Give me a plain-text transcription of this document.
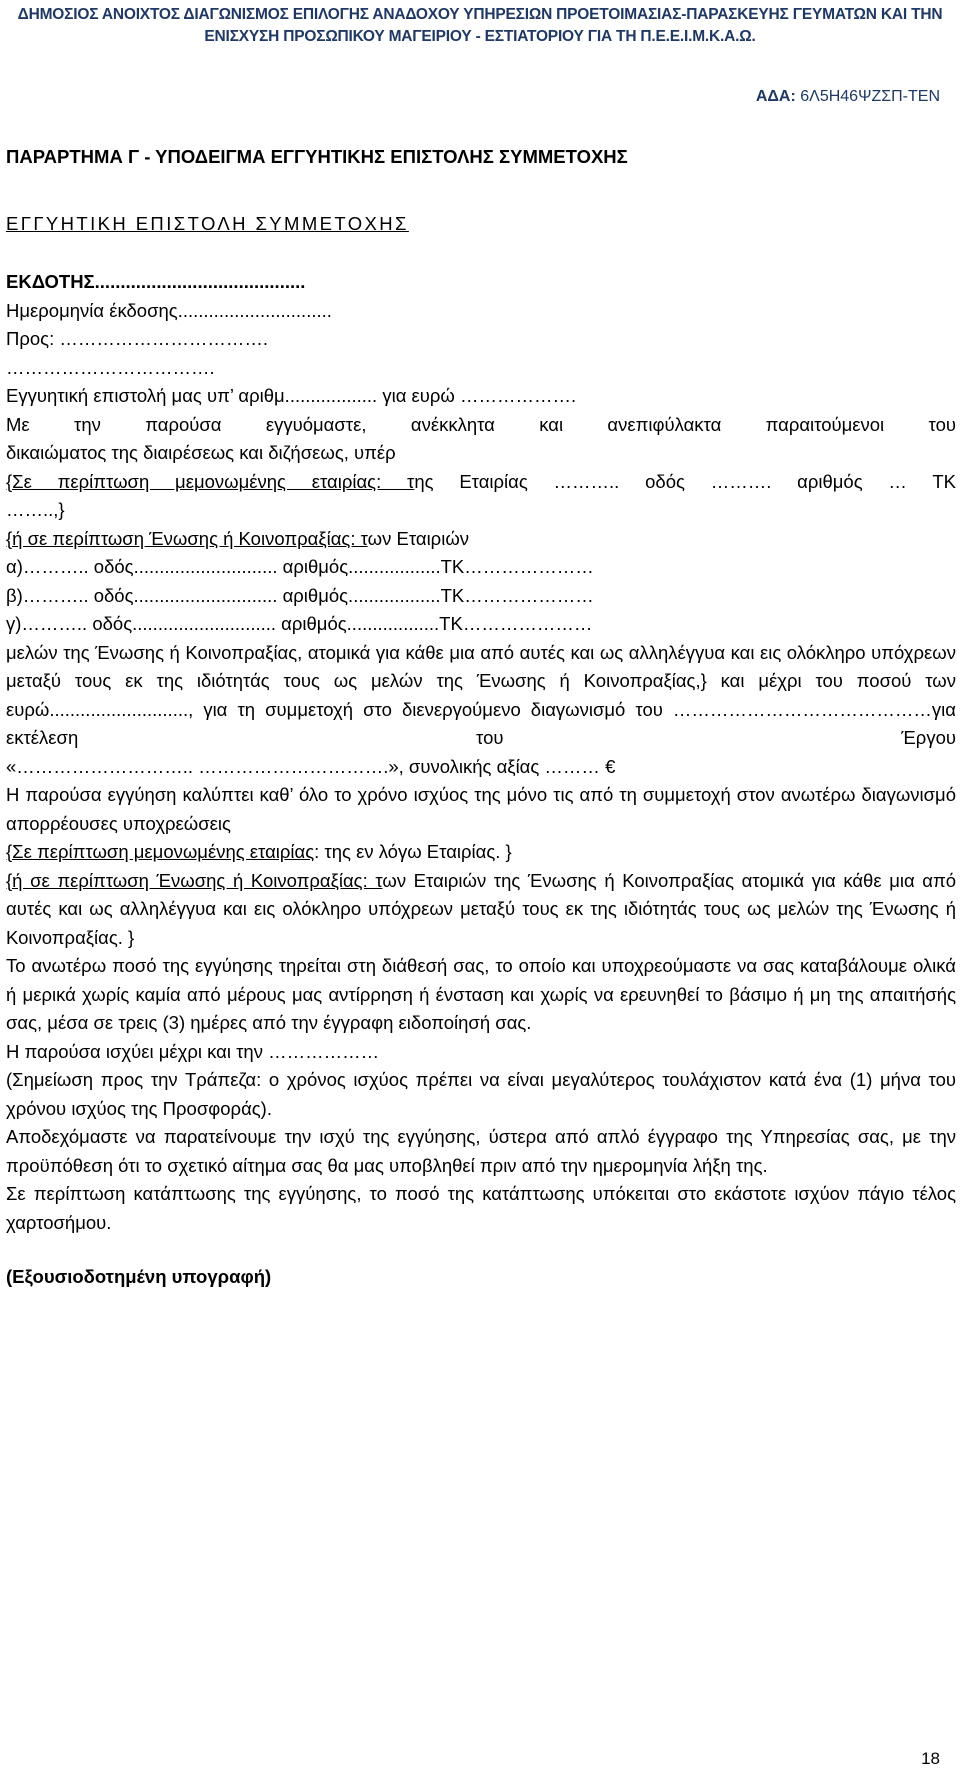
ΔΗΜΟΣΙΟΣ ΑΝΟΙΧΤΟΣ ΔΙΑΓΩΝΙΣΜΟΣ ΕΠΙΛΟΓΗΣ ΑΝΑΔΟΧΟΥ ΥΠΗΡΕΣΙΩΝ ΠΡΟΕΤΟΙΜΑΣΙΑΣ-ΠΑΡΑΣΚΕΥΗΣ ΓΕΥΜΑΤΩΝ ΚΑΙ ΤΗΝ
ΕΝΙΣΧΥΣΗ ΠΡΟΣΩΠΙΚΟΥ ΜΑΓΕΙΡΙΟΥ - ΕΣΤΙΑΤΟΡΙΟΥ ΓΙΑ ΤΗ Π.Ε.Ε.Ι.Μ.Κ.Α.Ω.
ΑΔΑ: 6Λ5Η46ΨΖΣΠ-ΤΕΝ

ΠΑΡΑΡΤΗΜΑ Γ - ΥΠΟΔΕΙΓΜΑ ΕΓΓΥΗΤΙΚΗΣ ΕΠΙΣΤΟΛΗΣ ΣΥΜΜΕΤΟΧΗΣ

ΕΓΓΥΗΤΙΚΗ ΕΠΙΣΤΟΛΗ ΣΥΜΜΕΤΟΧΗΣ

ΕΚΔΟΤΗΣ.........................................

Ημερομηνία έκδοσης..............................

Προς: …………………………….

…………………………….

Εγγυητική επιστολή μας υπ’ αριθμ.................. για ευρώ ……………….

Με την παρούσα εγγυόμαστε, ανέκκλητα και ανεπιφύλακτα παραιτούμενοι του

δικαιώματος της διαιρέσεως και διζήσεως, υπέρ

{Σε περίπτωση μεμονωμένης εταιρίας: της Εταιρίας ……….. οδός ………. αριθμός … ΤΚ

……..,}

{ή σε περίπτωση Ένωσης ή Κοινοπραξίας: των Εταιριών

α)……….. οδός............................ αριθμός..................ΤΚ…………………

β)……….. οδός............................ αριθμός..................ΤΚ…………………

γ)……….. οδός............................ αριθμός..................ΤΚ…………………

μελών της Ένωσης ή Κοινοπραξίας, ατομικά για κάθε μια από αυτές και ως αλληλέγγυα και εις ολόκληρο υπόχρεων μεταξύ τους εκ της ιδιότητάς τους ως μελών της Ένωσης ή Κοινοπραξίας,} και μέχρι του ποσού των ευρώ..........................., για τη συμμετοχή στο διενεργούμενο διαγωνισμό του ……………………………………για εκτέλεση του Έργου

«……………………….. ………………………….», συνολικής αξίας ……… €

Η παρούσα εγγύηση καλύπτει καθ’ όλο το χρόνο ισχύος της μόνο τις από τη συμμετοχή στον ανωτέρω διαγωνισμό απορρέουσες υποχρεώσεις

{Σε περίπτωση μεμονωμένης εταιρίας: της εν λόγω Εταιρίας. }

{ή σε περίπτωση Ένωσης ή Κοινοπραξίας: των Εταιριών της Ένωσης ή Κοινοπραξίας ατομικά για κάθε μια από αυτές και ως αλληλέγγυα και εις ολόκληρο υπόχρεων μεταξύ τους εκ της ιδιότητάς τους ως μελών της Ένωσης ή Κοινοπραξίας. }

Το ανωτέρω ποσό της εγγύησης τηρείται στη διάθεσή σας, το οποίο και υποχρεούμαστε να σας καταβάλουμε ολικά ή μερικά χωρίς καμία από μέρους μας αντίρρηση ή ένσταση και χωρίς να ερευνηθεί το βάσιμο ή μη της απαιτήσής σας, μέσα σε τρεις (3) ημέρες από την έγγραφη ειδοποίησή σας.

Η παρούσα ισχύει μέχρι και την ………………

(Σημείωση προς την Τράπεζα: ο χρόνος ισχύος πρέπει να είναι μεγαλύτερος τουλάχιστον κατά ένα (1) μήνα του χρόνου ισχύος της Προσφοράς).

Αποδεχόμαστε να παρατείνουμε την ισχύ της εγγύησης, ύστερα από απλό έγγραφο της Υπηρεσίας σας, με την προϋπόθεση ότι το σχετικό αίτημα σας θα μας υποβληθεί πριν από την ημερομηνία λήξη της.

Σε περίπτωση κατάπτωσης της εγγύησης, το ποσό της κατάπτωσης υπόκειται στο εκάστοτε ισχύον πάγιο τέλος χαρτοσήμου.

(Εξουσιοδοτημένη υπογραφή)

18
